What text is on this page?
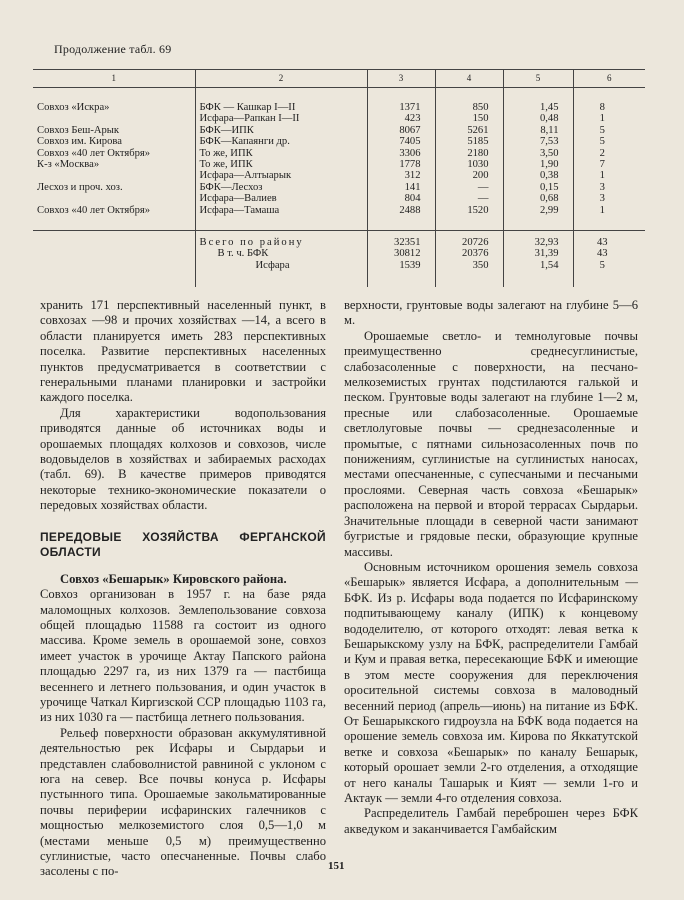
Продолжение табл. 69
1	2	3	4	5	6

Совхоз «Искра»	БФК — Кашкар I—II	1371	850	1,45	8
	Исфара—Рапкан I—II	423	150	0,48	1
Совхоз Беш-Арык	БФК—ИПК	8067	5261	8,11	5
Совхоз им. Кирова	БФК—Капаянги др.	7405	5185	7,53	5
Совхоз «40 лет Октября»	То же, ИПК	3306	2180	3,50	2
К-з «Москва»	То же, ИПК	1778	1030	1,90	7
	Исфара—Алтыарык	312	200	0,38	1
Лесхоз и проч. хоз.	БФК—Лесхоз	141	—	0,15	3
	Исфара—Валиев	804	—	0,68	3
Совхоз «40 лет Октября»	Исфара—Тамаша	2488	1520	2,99	1

	Всего по району	32351	20726	32,93	43
	В т. ч. БФК	30812	20376	31,39	43
	Исфара	1539	350	1,54	5

хранить 171 перспективный населенный пункт, в совхозах —98 и прочих хозяйствах —14, а всего в области планируется иметь 283 перспективных поселка. Развитие перспективных населенных пунктов предусматривается в соответствии с генеральными планами планировки и застройки каждого поселка.

Для характеристики водопользования приводятся данные об источниках воды и орошаемых площадях колхозов и совхозов, числе водовыделов в хозяйствах и забираемых расходах (табл. 69). В качестве примеров приводятся некоторые технико-экономические показатели о передовых хозяйствах области.

ПЕРЕДОВЫЕ ХОЗЯЙСТВА ФЕРГАНСКОЙ ОБЛАСТИ

Совхоз «Бешарык» Кировского района.

Совхоз организован в 1957 г. на базе ряда маломощных колхозов. Землепользование совхоза общей площадью 11588 га состоит из одного массива. Кроме земель в орошаемой зоне, совхоз имеет участок в урочище Актау Папского района площадью 2297 га, из них 1379 га — пастбища весеннего и летнего пользования, и один участок в урочище Чаткал Киргизской ССР площадью 1103 га, из них 1030 га — пастбища летнего пользования.

Рельеф поверхности образован аккумулятивной деятельностью рек Исфары и Сырдарьи и представлен слабоволнистой равниной с уклоном с юга на север. Все почвы конуса р. Исфары пустынного типа. Орошаемые закольматированные почвы периферии исфаринских галечников с мощностью мелкоземистого слоя 0,5—1,0 м (местами меньше 0,5 м) преимущественно суглинистые, часто опесчаненные. Почвы слабо засолены с по-

верхности, грунтовые воды залегают на глубине 5—6 м.

Орошаемые светло- и темнолуговые почвы преимущественно среднесуглинистые, слабозасоленные с поверхности, на песчано-мелкоземистых грунтах подстилаются галькой и песком. Грунтовые воды залегают на глубине 1—2 м, пресные или слабозасоленные. Орошаемые светлолуговые почвы — среднезасоленные и промытые, с пятнами сильнозасоленных почв по понижениям, суглинистые на суглинистых наносах, местами опесчаненные, с супесчаными и песчаными прослоями. Северная часть совхоза «Бешарык» расположена на первой и второй террасах Сырдарьи. Значительные площади в северной части занимают бугристые и грядовые пески, образующие крупные массивы.

Основным источником орошения земель совхоза «Бешарык» является Исфара, а дополнительным — БФК. Из р. Исфары вода подается по Исфаринскому подпитывающему каналу (ИПК) к концевому вододелителю, от которого отходят: левая ветка к Бешарыкскому узлу на БФК, распределители Гамбай и Кум и правая ветка, пересекающие БФК и имеющие в этом месте сооружения для переключения оросительной системы совхоза в маловодный весенний период (апрель—июнь) на питание из БФК. От Бешарыкского гидроузла на БФК вода подается на орошение земель совхоза им. Кирова по Яккатутской ветке и совхоза «Бешарык» по каналу Бешарык, который орошает земли 2-го отделения, а отходящие от него каналы Ташарык и Кият — земли 1-го и Актаук — земли 4-го отделения совхоза.

Распределитель Гамбай переброшен через БФК акведуком и заканчивается Гамбайским

151
